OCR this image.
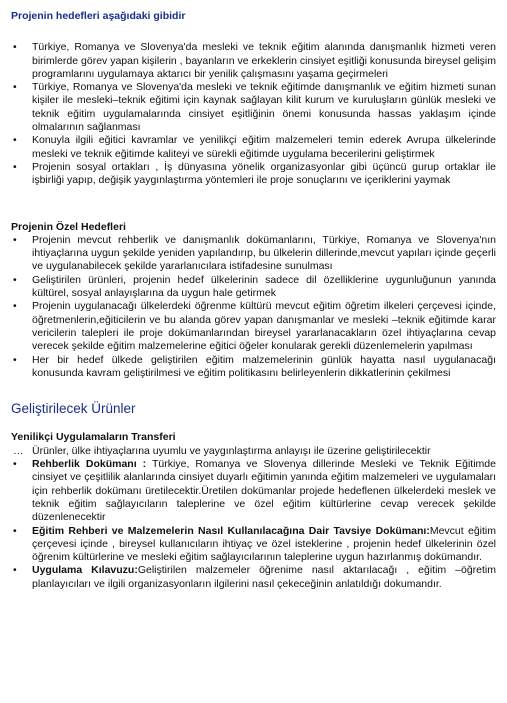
Projenin hedefleri aşağıdaki gibidir

• Türkiye, Romanya ve Slovenya'da mesleki ve teknik eğitim alanında danışmanlık hizmeti veren birimlerde görev yapan kişilerin , bayanların ve erkeklerin cinsiyet eşitliği konusunda bireysel gelişim programlarını uygulamaya aktarıcı bir yenilik çalışmasını yaşama geçirmeleri
• Türkiye, Romanya ve Slovenya'da mesleki ve teknik eğitimde danışmanlık ve eğitim hizmeti sunan kişiler ile mesleki–teknik eğitimi için kaynak sağlayan kilit kurum ve kuruluşların günlük mesleki ve teknik eğitim uygulamalarında cinsiyet eşitliğinin önemi konusunda hassas yaklaşım içinde olmalarının sağlanması
• Konuyla ilgili eğitici kavramlar ve yenilikçi eğitim malzemeleri temin ederek Avrupa ülkelerinde mesleki ve teknik eğitimde kaliteyi ve sürekli eğitimde uygulama becerilerini geliştirmek
• Projenin sosyal ortakları , İş dünyasına yönelik organizasyonlar gibi üçüncü gurup ortaklar ile işbirliği yapıp, değişik yaygınlaştırma yöntemleri ile proje sonuçlarını ve içeriklerini yaymak

Projenin Özel Hedefleri

• Projenin mevcut rehberlik ve danışmanlık dokümanlarını, Türkiye, Romanya ve Slovenya'nın ihtiyaçlarına uygun şekilde yeniden yapılandırıp, bu ülkelerin dillerinde,mevcut yapıları içinde geçerli ve uygulanabilecek şekilde yararlanıcılara istifadesine sunulması
• Geliştirilen ürünleri, projenin hedef ülkelerinin sadece dil özelliklerine uygunluğunun yanında kültürel, sosyal anlayışlarına da uygun hale getirmek
• Projenin uygulanacağı ülkelerdeki öğrenme kültürü mevcut eğitim öğretim ilkeleri çerçevesi içinde, öğretmenlerin,eğiticilerin ve bu alanda görev yapan danışmanlar ve mesleki –teknik eğitimde karar vericilerin talepleri ile proje dokümanlarından bireysel yararlanacakların özel ihtiyaçlarına cevap verecek şekilde eğitim malzemelerine eğitici öğeler konularak gerekli düzenlemelerin yapılması
• Her bir hedef ülkede geliştirilen eğitim malzemelerinin günlük hayatta nasıl uygulanacağı konusunda kavram geliştirilmesi ve eğitim politikasını belirleyenlerin dikkatlerinin çekilmesi

Geliştirilecek Ürünler

Yenilikçi Uygulamaların Transferi

… Ürünler, ülke ihtiyaçlarına uyumlu ve yaygınlaştırma anlayışı ile üzerine geliştirilecektir
• Rehberlik Dokümanı : Türkiye, Romanya ve Slovenya dillerinde Mesleki ve Teknik Eğitimde cinsiyet ve çeşitlilik alanlarında cinsiyet duyarlı eğitimin yanında eğitim malzemeleri ve uygulamaları için rehberlik dokümanı üretilecektir.Üretilen dokümanlar projede hedeflenen ülkelerdeki meslek ve teknik eğitim sağlayıcıların taleplerine ve özel eğitim kültürlerine cevap verecek şekilde düzenlenecektir
• Eğitim Rehberi ve Malzemelerin Nasıl Kullanılacağına Dair Tavsiye Dokümanı:Mevcut eğitim çerçevesi içinde , bireysel kullanıcıların ihtiyaç ve özel isteklerine , projenin hedef ülkelerinin özel öğrenim kültürlerine ve mesleki eğitim sağlayıcılarının taleplerine uygun hazırlanmış dokümandır.
• Uygulama Kılavuzu:Geliştirilen malzemeler öğrenime nasıl aktarılacağı , eğitim –öğretim planlayıcıları ve ilgili organizasyonların ilgilerini nasıl çekeceğinin anlatıldığı dokumandır.
